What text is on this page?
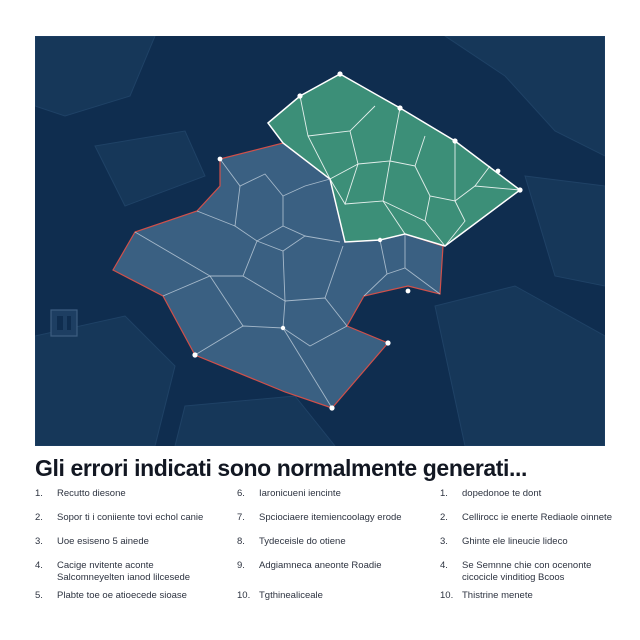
Gli errori indicati sono normalmente generati...
1.	Recutto diesone
2.	Sopor ti i coniiente tovi echol canie
3.	Uoe esiseno 5 ainede
4.	Cacige nvitente aconte Salcomneyelten ianod lilcesede
5.	Plabte toe oe atioecede sioase
6.	Iaronicueni iencinte
7.	Spciociaere itemiencoolagy erode
8.	Tydeceisle do otiene
9.	Adgiamneca aneonte Roadie
10. Tgthinealiceale
1.	dopedonoe te dont
2.	Cellirocc ie enerte Rediaole oinnete
3.	Ghinte ele lineucie lideco
4.	Se Semnne chie con ocenonte cicocicle vinditiog Bcoos
10. Thistrine menete
